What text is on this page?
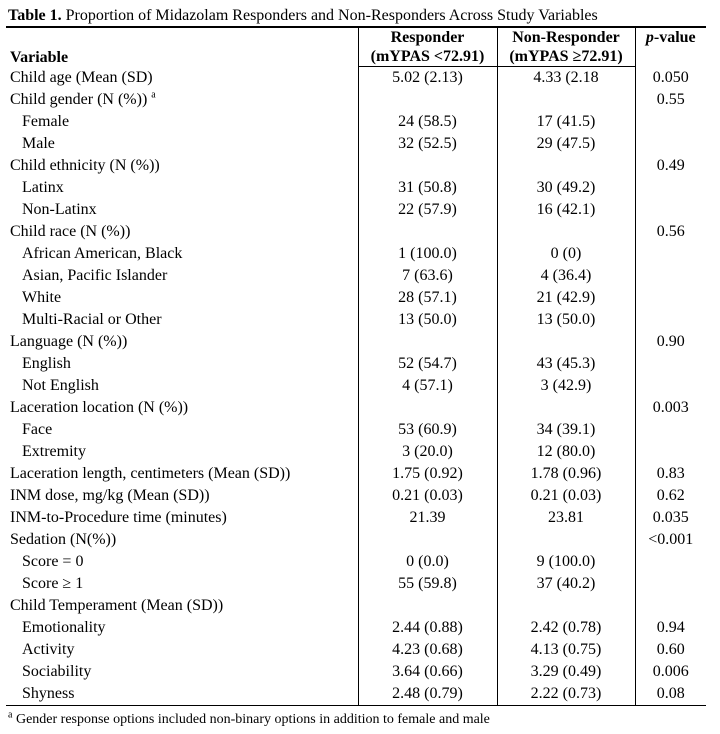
Table 1. Proportion of Midazolam Responders and Non-Responders Across Study Variables
Variable	Responder	Non-Responder	p-value
	(mYPAS <72.91)	(mYPAS ≥72.91)	
Child age (Mean (SD)	5.02 (2.13)	4.33 (2.18	0.050
Child gender (N (%)) $^a$			0.55
Female	24 (58.5)	17 (41.5)	
Male	32 (52.5)	29 (47.5)	
Child ethnicity (N (%))			0.49
Latinx	31 (50.8)	30 (49.2)	
Non-Latinx	22 (57.9)	16 (42.1)	
Child race (N (%))			0.56
African American, Black	1 (100.0)	0 (0)	
Asian, Pacific Islander	7 (63.6)	4 (36.4)	
White	28 (57.1)	21 (42.9)	
Multi-Racial or Other	13 (50.0)	13 (50.0)	
Language (N (%))			0.90
English	52 (54.7)	43 (45.3)	
Not English	4 (57.1)	3 (42.9)	
Laceration location (N (%))			0.003
Face	53 (60.9)	34 (39.1)	
Extremity	3 (20.0)	12 (80.0)	
Laceration length, centimeters (Mean (SD))	1.75 (0.92)	1.78 (0.96)	0.83
INM dose, mg/kg (Mean (SD))	0.21 (0.03)	0.21 (0.03)	0.62
INM-to-Procedure time (minutes)	21.39	23.81	0.035
Sedation (N(%))			<0.001
Score = 0	0 (0.0)	9 (100.0)	
Score ≥ 1	55 (59.8)	37 (40.2)	
Child Temperament (Mean (SD))			
Emotionality	2.44 (0.88)	2.42 (0.78)	0.94
Activity	4.23 (0.68)	4.13 (0.75)	0.60
Sociability	3.64 (0.66)	3.29 (0.49)	0.006
Shyness	2.48 (0.79)	2.22 (0.73)	0.08
$^a$ Gender response options included non-binary options in addition to female and male
